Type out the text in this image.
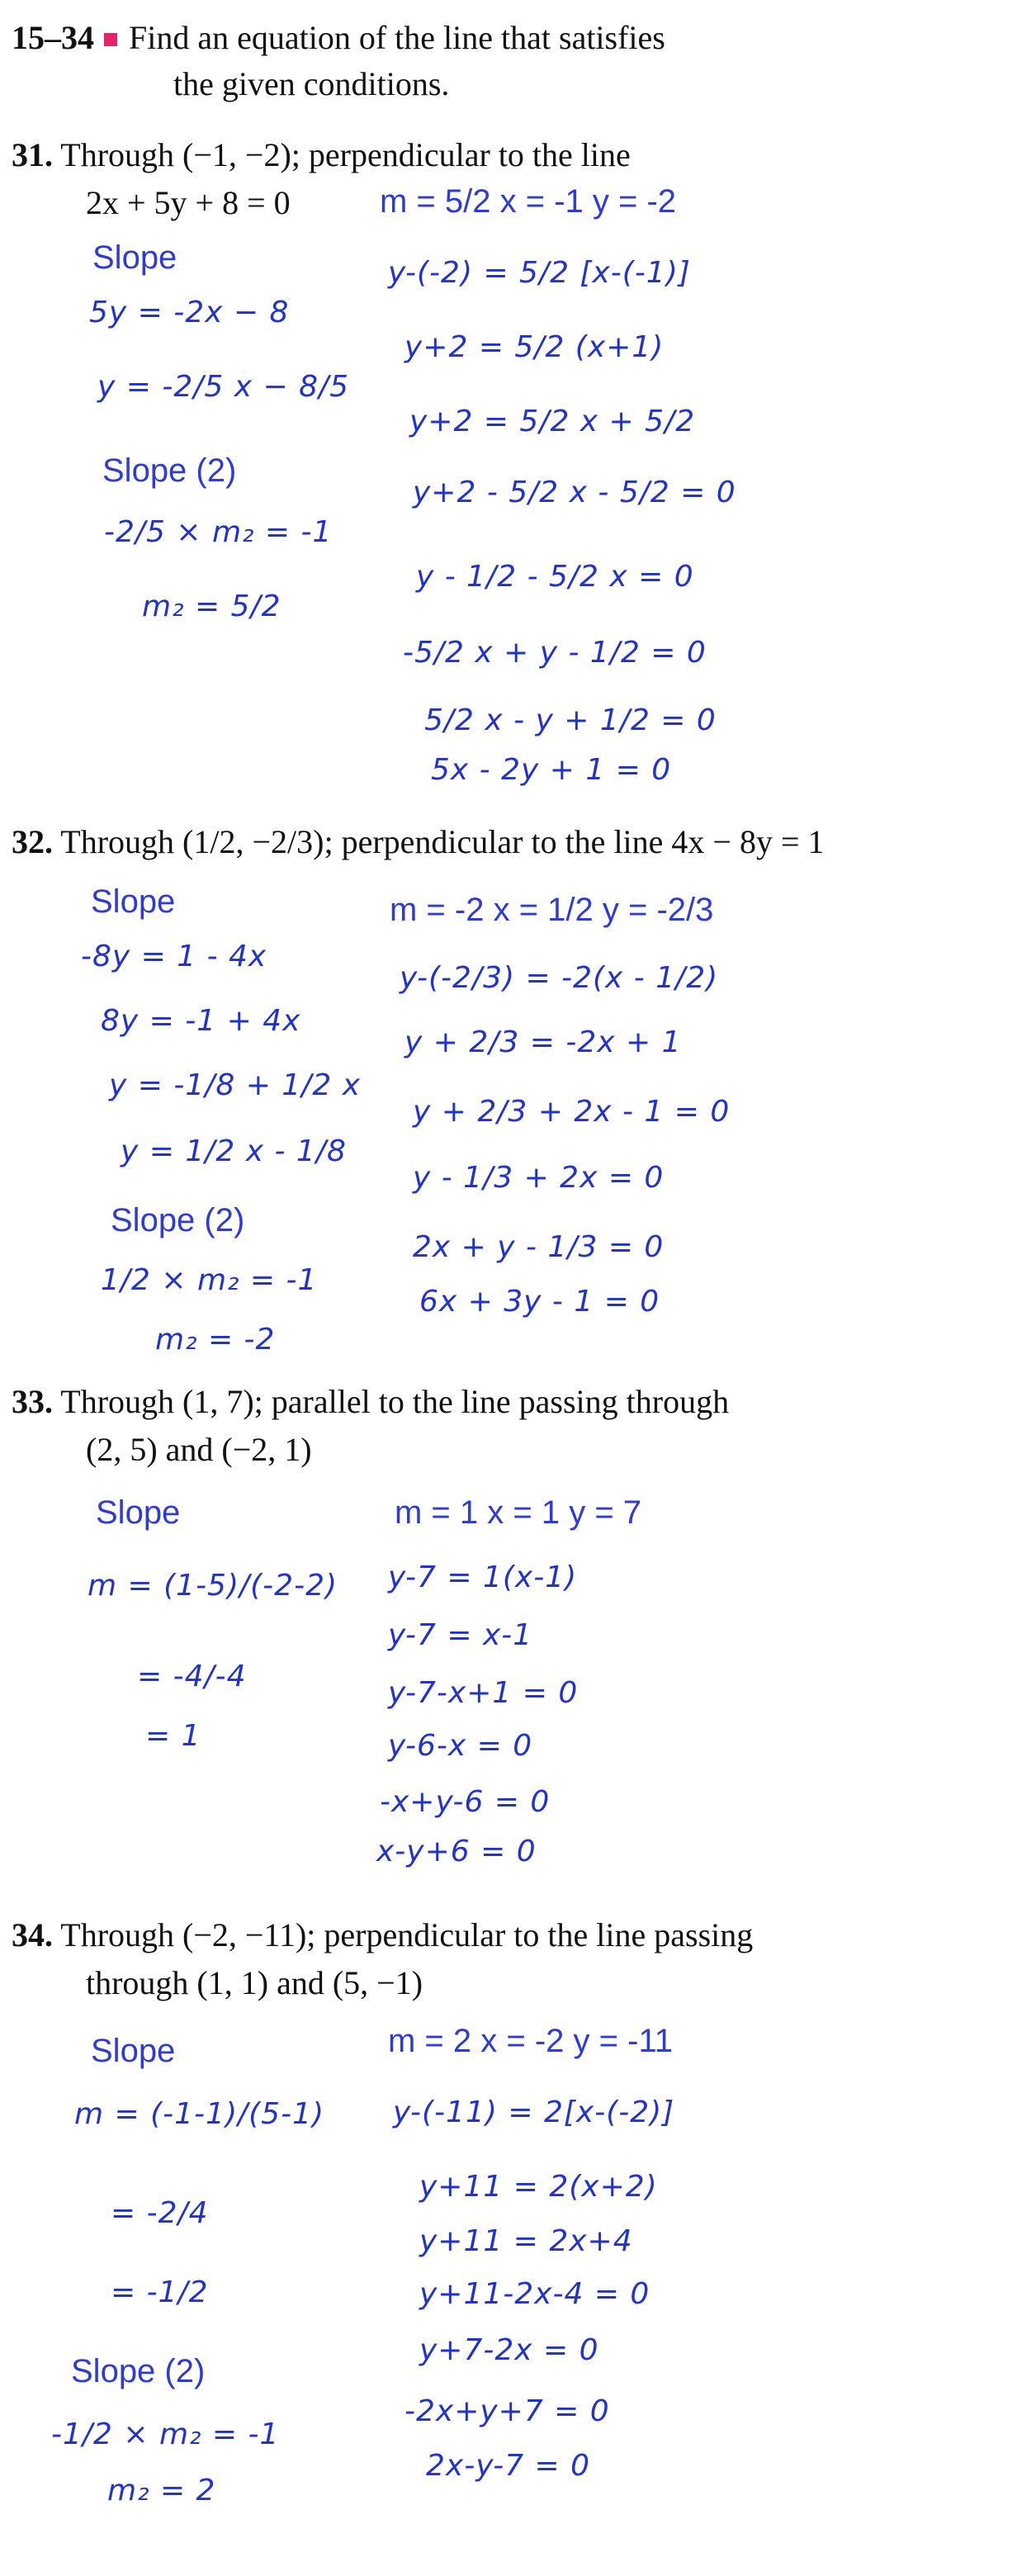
15–34 Find an equation of the line that satisfies
the given conditions.
31. Through (−1, −2); perpendicular to the line
2x + 5y + 8 = 0	m = 5/2 x = -1 y = -2
Slope
5y = -2x − 8
y = -2/5 x − 8/5
Slope (2)
-2/5 × m₂ = -1
m₂ = 5/2
y-(-2) = 5/2 [x-(-1)]
y+2 = 5/2 (x+1)
y+2 = 5/2 x + 5/2
y+2 - 5/2 x - 5/2 = 0
y - 1/2 - 5/2 x = 0
-5/2 x + y - 1/2 = 0
5/2 x - y + 1/2 = 0
5x - 2y + 1 = 0
32. Through (1/2, −2/3); perpendicular to the line 4x − 8y = 1
Slope	m = -2 x = 1/2 y = -2/3
-8y = 1 - 4x
8y = -1 + 4x
y = -1/8 + 1/2 x
y = 1/2 x - 1/8
Slope (2)
1/2 × m₂ = -1
m₂ = -2
y-(-2/3) = -2(x - 1/2)
y + 2/3 = -2x + 1
y + 2/3 + 2x - 1 = 0
y - 1/3 + 2x = 0
2x + y - 1/3 = 0
6x + 3y - 1 = 0
33. Through (1, 7); parallel to the line passing through
(2, 5) and (−2, 1)
Slope	m = 1 x = 1 y = 7
m = (1-5)/(-2-2)
= -4/-4
= 1
y-7 = 1(x-1)
y-7 = x-1
y-7-x+1 = 0
y-6-x = 0
-x+y-6 = 0
x-y+6 = 0
34. Through (−2, −11); perpendicular to the line passing
through (1, 1) and (5, −1)
Slope	m = 2 x = -2 y = -11
m = (-1-1)/(5-1)
= -2/4
= -1/2
Slope (2)
-1/2 × m₂ = -1
m₂ = 2
y-(-11) = 2[x-(-2)]
y+11 = 2(x+2)
y+11 = 2x+4
y+11-2x-4 = 0
y+7-2x = 0
-2x+y+7 = 0
2x-y-7 = 0
